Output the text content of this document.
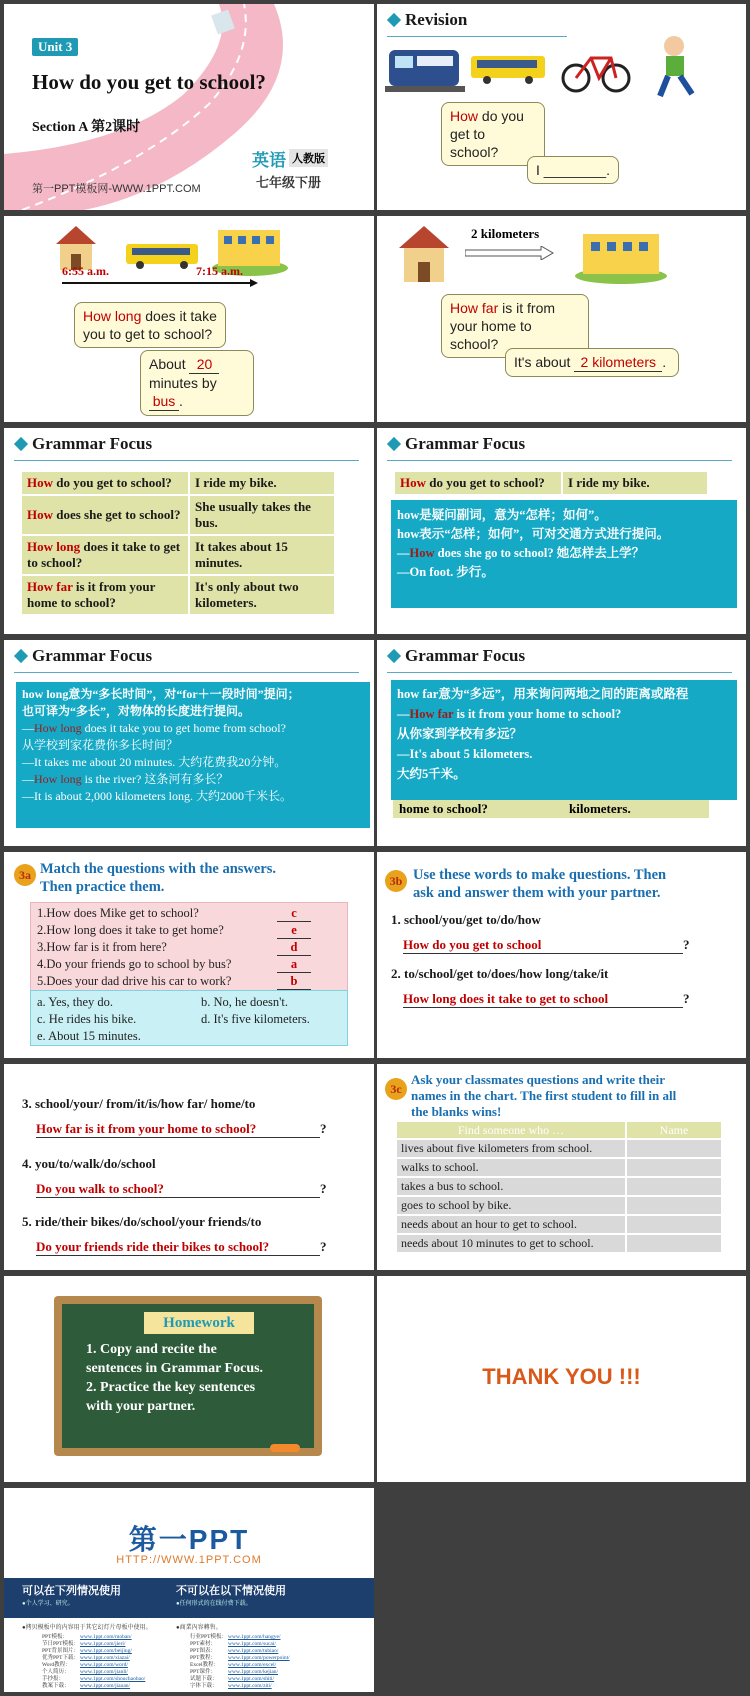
Unit 3
How do you get to school?
Section A 第2课时
第一PPT模板网-WWW.1PPT.COM
英语 人教版
七年级下册
Revision
How do you get to school?
I ________.
6:55 a.m.	7:15 a.m.
How long does it take you to get to school?
About 20
minutes by bus .
2 kilometers
How far is it from your home to school?
It's about 2 kilometers .
Grammar Focus
How do you get to school?	I ride my bike.
How does she get to school?	She usually takes the bus.
How long does it take to get to school?	It takes about 15 minutes.
How far is it from your home to school?	It's only about two kilometers.
Grammar Focus
How do you get to school?	I ride my bike.
how是疑问副词，意为“怎样；如何”。
how表示“怎样；如何”，可对交通方式进行提问。
—How does she go to school? 她怎样去上学？
—On foot. 步行。
Grammar Focus
how long意为“多长时间”，对“for＋一段时间”提问；
也可译为“多长”，对物体的长度进行提问。
—How long does it take you to get home from school?
从学校到家花费你多长时间？
—It takes me about 20 minutes. 大约花费我20分钟。
—How long is the river? 这条河有多长？
—It is about 2,000 kilometers long. 大约2000千米长。
Grammar Focus
how far意为“多远”，用来询问两地之间的距离或路程
—How far is it from your home to school?
从你家到学校有多远？
—It's about 5 kilometers.
大约5千米。
home to school?	kilometers.
3a Match the questions with the answers.
Then practice them.
1.How does Mike get to school?	c
2.How long does it take to get home?	e
3.How far is it from here?	d
4.Do your friends go to school by bus?	a
5.Does your dad drive his car to work?	b
a. Yes, they do.	b. No, he doesn't.
c. He rides his bike.	d. It's five kilometers.
e. About 15 minutes.
3b Use these words to make questions. Then
ask and answer them with your partner.
1. school/you/get to/do/how
How do you get to school	?
2. to/school/get to/does/how long/take/it
How long does it take to get to school	?
3. school/your/ from/it/is/how far/ home/to
How far is it from your home to school?	?
4. you/to/walk/do/school
Do you walk to school?	?
5. ride/their bikes/do/school/your friends/to
Do your friends ride their bikes to school?	?
3c
Ask your classmates questions and write their
names in the chart. The first student to fill in all
the blanks wins!
Find someone who …	Name
lives about five kilometers from school.	
walks to school.	
takes a bus to school.	
goes to school by bike.	
needs about an hour to get to school.	
needs about 10 minutes to get to school.	
Homework
1. Copy and recite the
sentences in Grammar Focus.
2. Practice the key sentences
with your partner.
THANK YOU !!!
第一PPT
HTTP://WWW.1PPT.COM
可以在下列情况使用
●个人学习、研究。
不可以在以下情况使用
●任何形式的在线付费下载。
●拷贝模板中的内容用于其它幻灯片母板中使用。	●商業內容轉售。
PPT模板： www.1ppt.com/moban/
节日PPT模板：www.1ppt.com/jieri/
PPT背景图片：www.1ppt.com/beijing/
优秀PPT下载：www.1ppt.com/xiazai/
Word教程： www.1ppt.com/word/
个人简历： www.1ppt.com/jianli/
手抄报：	www.1ppt.com/shouchaobao/
教案下载： www.1ppt.com/jiaoan/
行业PPT模板：www.1ppt.com/hangye/
PPT素材： www.1ppt.com/sucai/
PPT图表： www.1ppt.com/tubiao/
PPT教程： www.1ppt.com/powerpoint/
Excel教程： www.1ppt.com/excel/
PPT课件： www.1ppt.com/kejian/
试题下载： www.1ppt.com/shiti/
字体下载： www.1ppt.com/ziti/
